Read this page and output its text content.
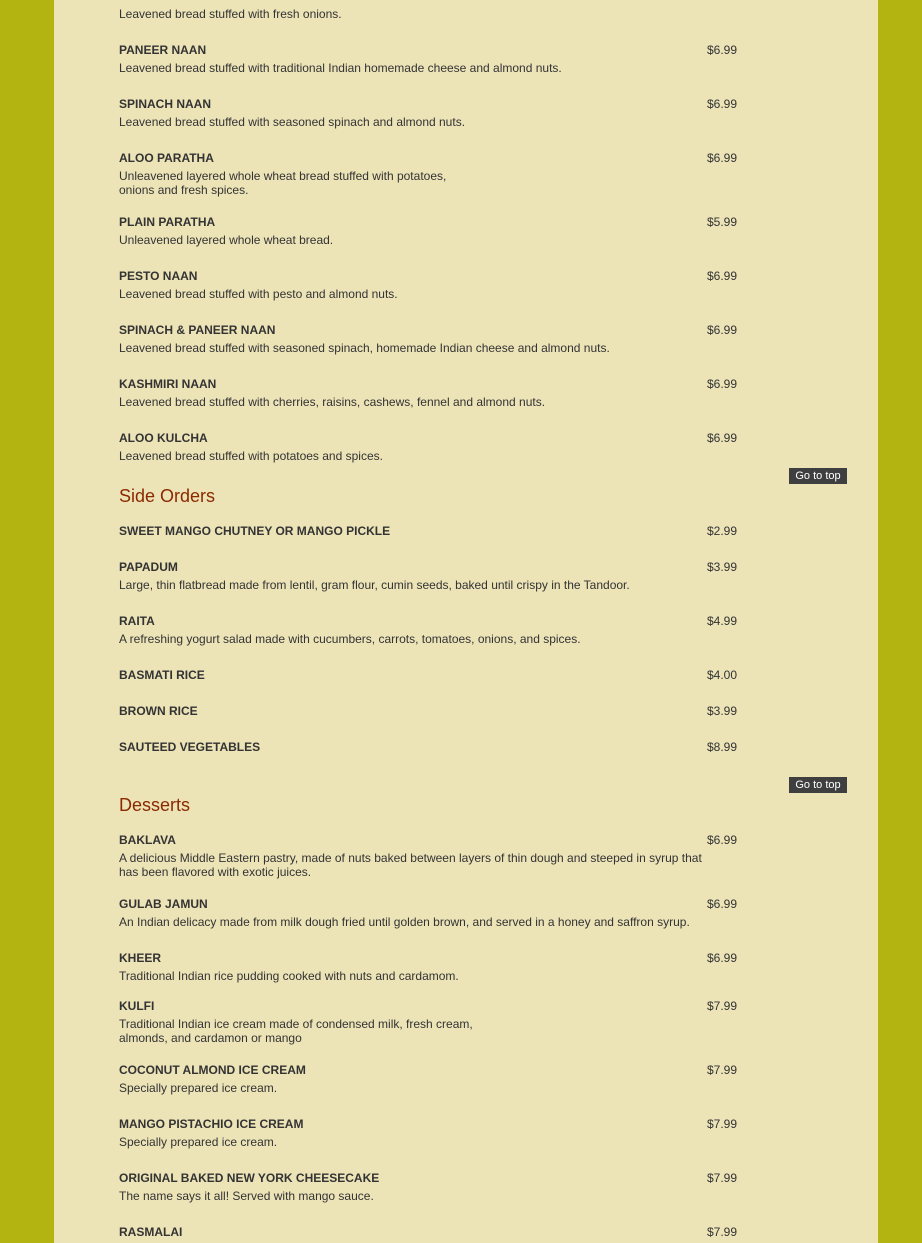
Leavened bread stuffed with fresh onions.
PANEER NAAN	$6.99
Leavened bread stuffed with traditional Indian homemade cheese and almond nuts.
SPINACH NAAN	$6.99
Leavened bread stuffed with seasoned spinach and almond nuts.
ALOO PARATHA	$6.99
Unleavened layered whole wheat bread stuffed with potatoes,
onions and fresh spices.
PLAIN PARATHA	$5.99
Unleavened layered whole wheat bread.
PESTO NAAN	$6.99
Leavened bread stuffed with pesto and almond nuts.
SPINACH & PANEER NAAN	$6.99
Leavened bread stuffed with seasoned spinach, homemade Indian cheese and almond nuts.
KASHMIRI NAAN	$6.99
Leavened bread stuffed with cherries, raisins, cashews, fennel and almond nuts.
ALOO KULCHA	$6.99
Leavened bread stuffed with potatoes and spices.
Go to top
Side Orders
SWEET MANGO CHUTNEY OR MANGO PICKLE	$2.99
PAPADUM	$3.99
Large, thin flatbread made from lentil, gram flour, cumin seeds, baked until crispy in the Tandoor.
RAITA	$4.99
A refreshing yogurt salad made with cucumbers, carrots, tomatoes, onions, and spices.
BASMATI RICE	$4.00
BROWN RICE	$3.99
SAUTEED VEGETABLES	$8.99
Go to top
Desserts
BAKLAVA	$6.99
A delicious Middle Eastern pastry, made of nuts baked between layers of thin dough and steeped in syrup that
has been flavored with exotic juices.
GULAB JAMUN	$6.99
An Indian delicacy made from milk dough fried until golden brown, and served in a honey and saffron syrup.
KHEER	$6.99
Traditional Indian rice pudding cooked with nuts and cardamom.
KULFI	$7.99
Traditional Indian ice cream made of condensed milk, fresh cream,
almonds, and cardamon or mango
COCONUT ALMOND ICE CREAM	$7.99
Specially prepared ice cream.
MANGO PISTACHIO ICE CREAM	$7.99
Specially prepared ice cream.
ORIGINAL BAKED NEW YORK CHEESECAKE	$7.99
The name says it all! Served with mango sauce.
RASMALAI	$7.99
